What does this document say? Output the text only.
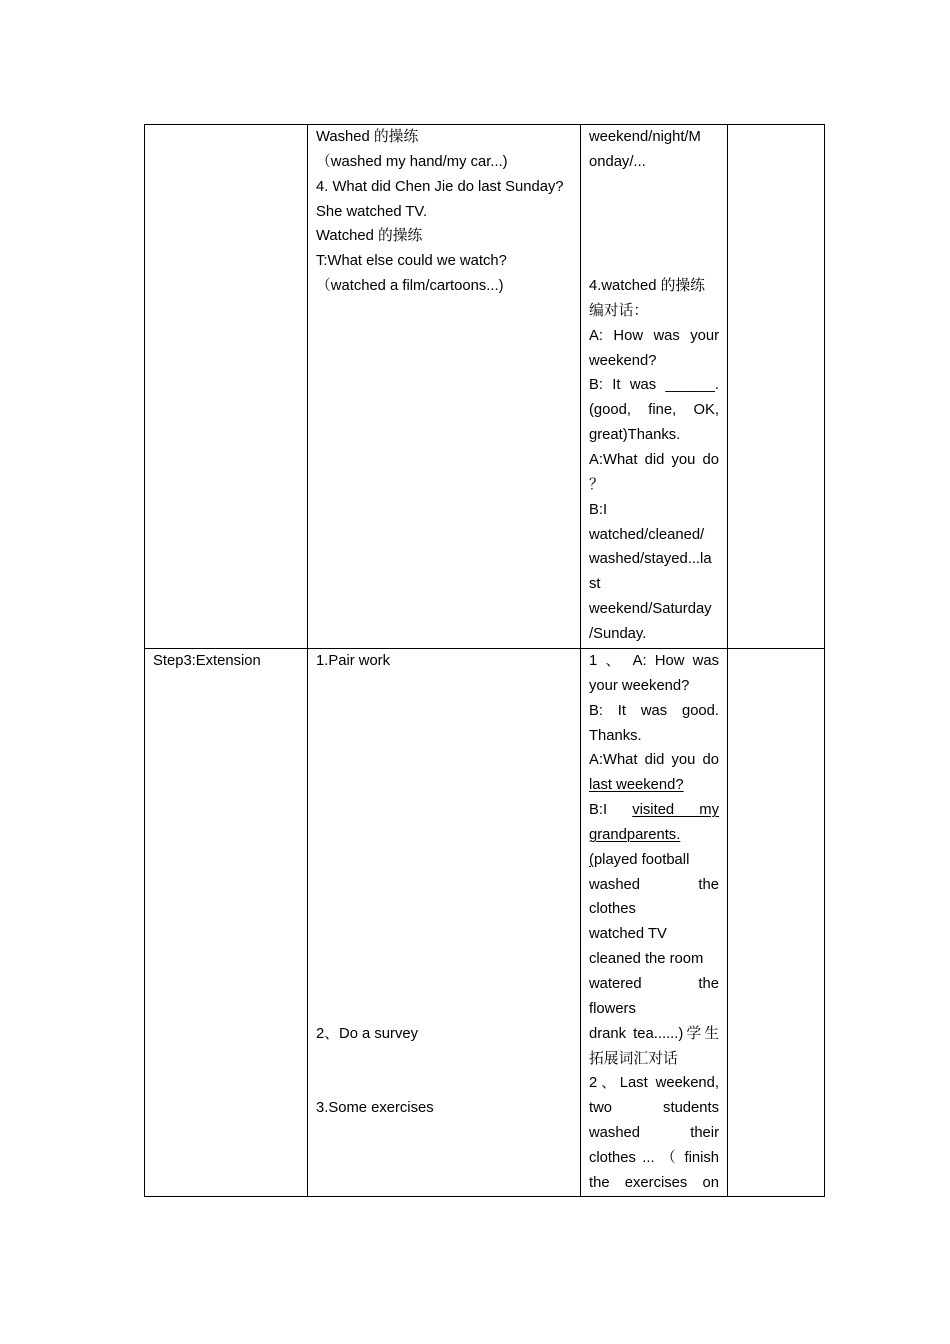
Washed 的操练
（washed my hand/my car...)
4. What did Chen Jie do last Sunday?
She watched TV.
Watched 的操练
T:What else could we watch?
（watched a film/cartoons...)
weekend/night/M
onday/...
4.watched 的操练
编对话：
A: How was your
weekend?
B: It was ______.
(good, fine, OK,
great)Thanks.
A:What did you do
？
B:I
watched/cleaned/
washed/stayed...la
st
weekend/Saturday
/Sunday.
Step3:Extension	1.Pair work
2、Do a survey
3.Some exercises
1 、 A: How was
your weekend?
B: It was good.
Thanks.
A:What did you do
last weekend?
B:I visited my
grandparents.
(played football
washed the
clothes
watched TV
cleaned the room
watered the
flowers
drank tea......)学生
拓展词汇对话
2、Last weekend,
two students
washed their
clothes ... （ finish
the exercises on
